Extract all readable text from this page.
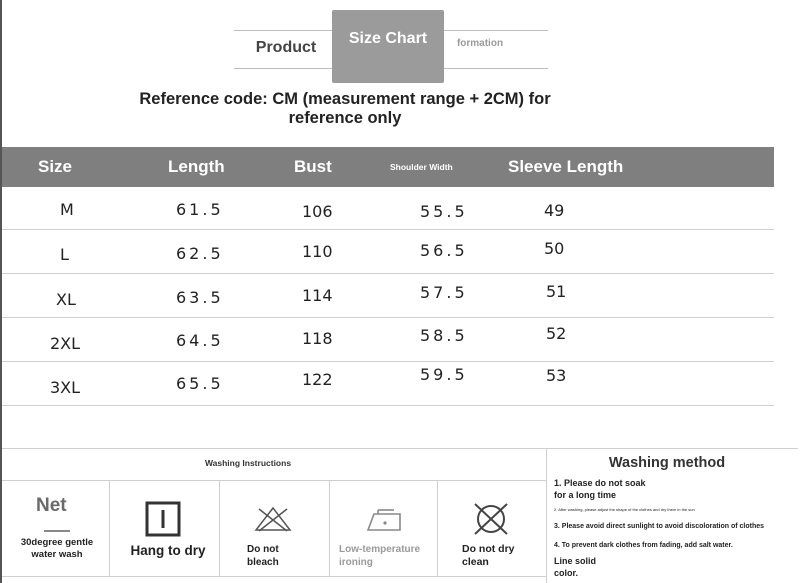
Product
Size Chart	formation
Reference code: CM (measurement range + 2CM) for reference only
Size	Length	Bust	Shoulder Width	Sleeve Length
M	61.5	106	55.5	49
L	62.5	110	56.5	50
XL	63.5	114	57.5	51
2XL	64.5	118	58.5	52
3XL	65.5	122	59.5	53
Washing Instructions
Net
30degree gentle
water wash	Hang to dry	Do not
bleach
Low-temperature
ironing
Do not dry
clean
Washing method
1. Please do not soak
for a long time
2. After washing, please adjust the shape of the clothes and dry them in the sun
3. Please avoid direct sunlight to avoid discoloration of clothes
4. To prevent dark clothes from fading, add salt water.
Line solid
color.
